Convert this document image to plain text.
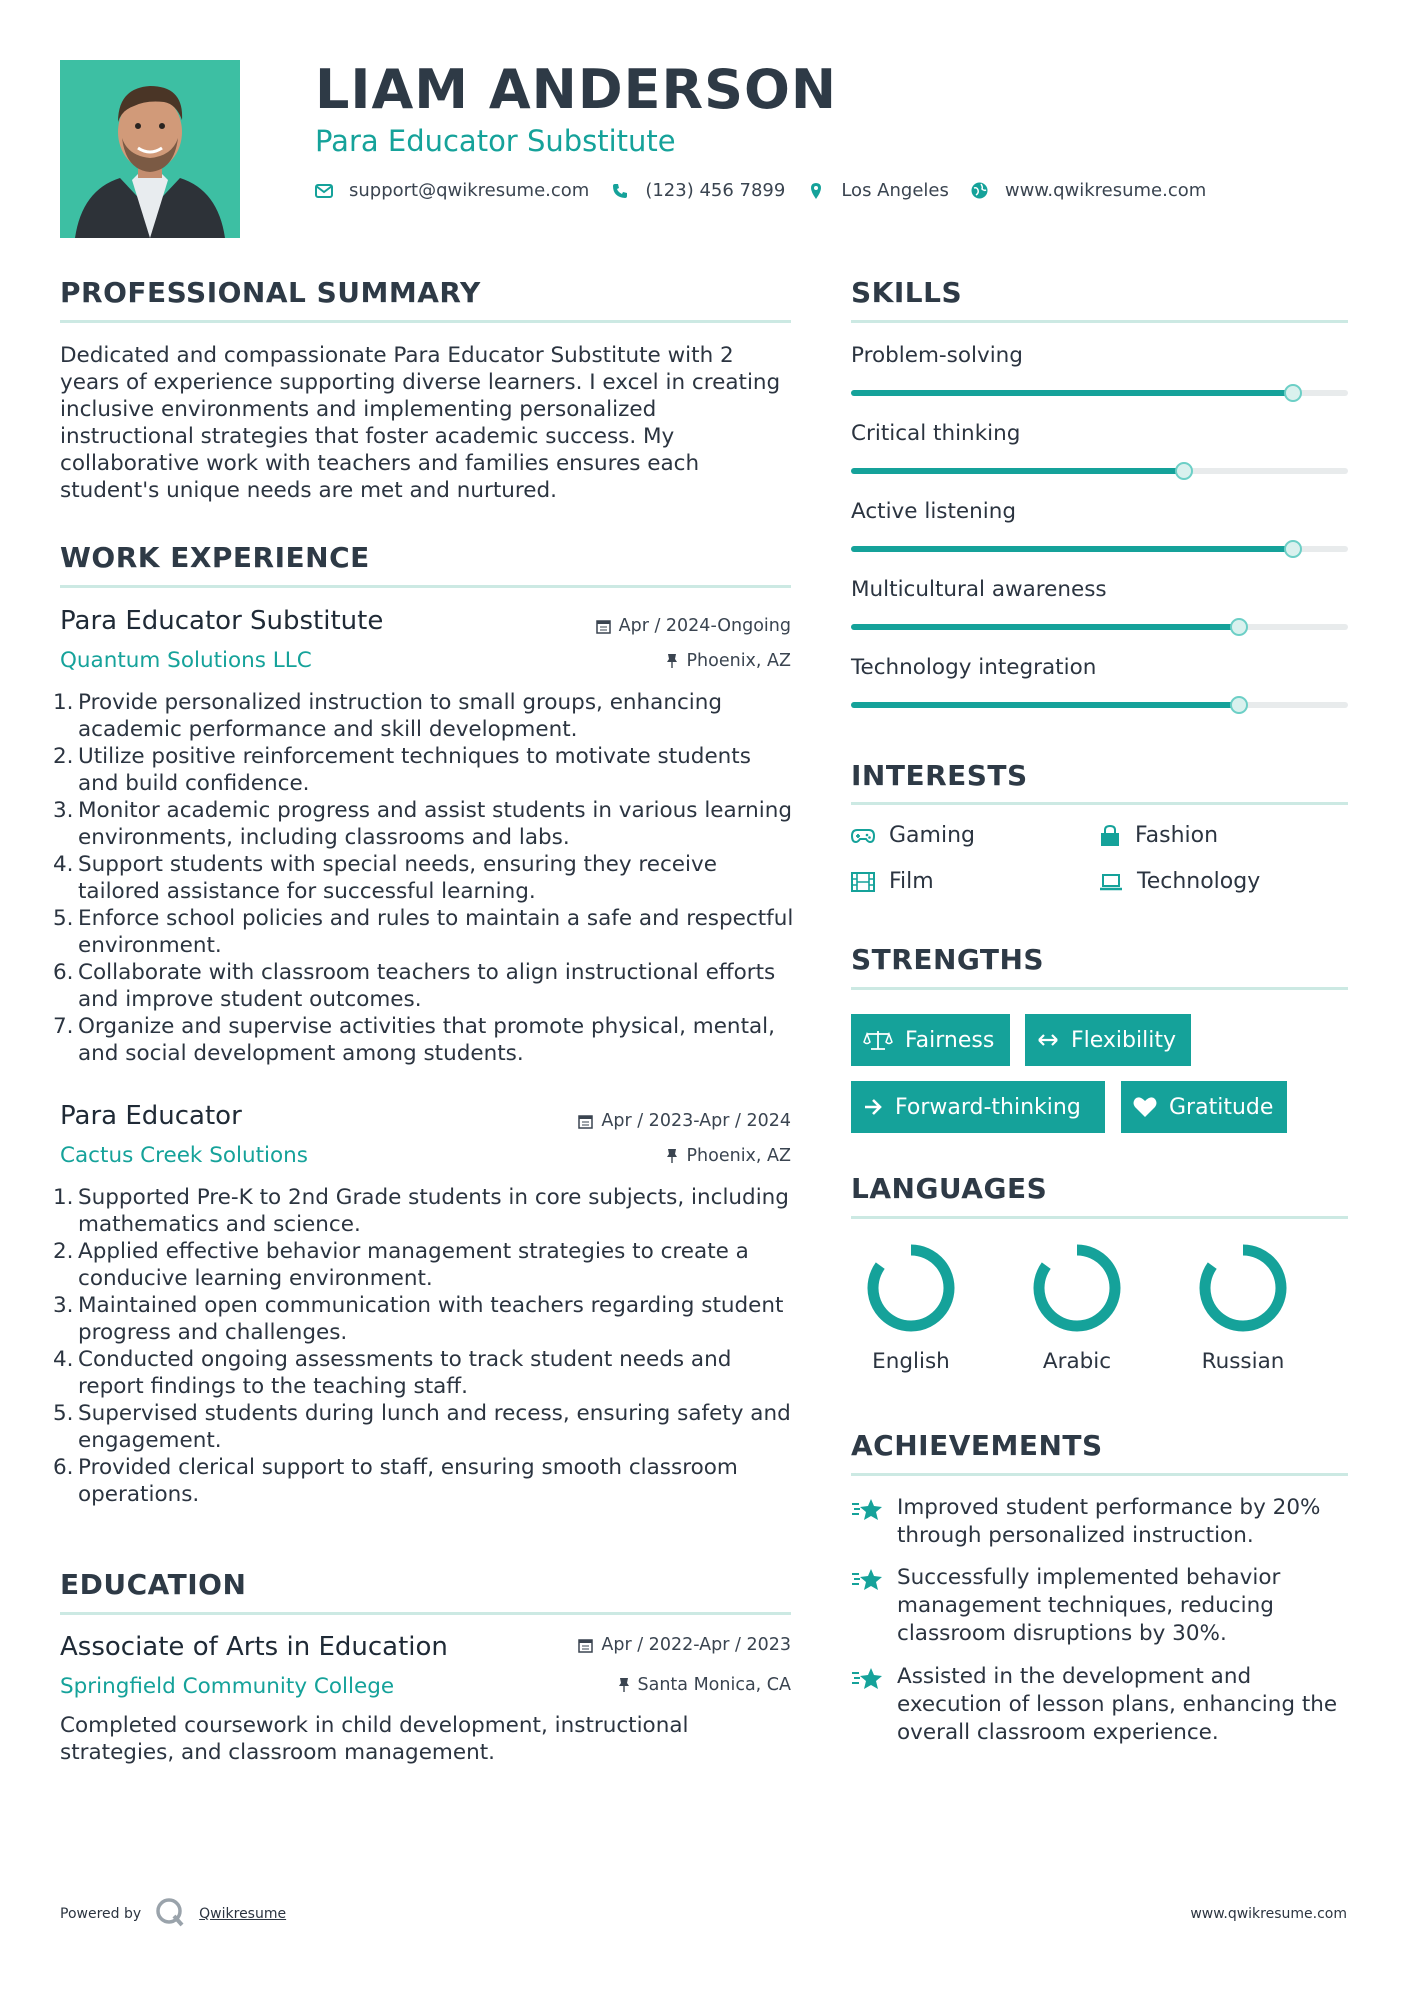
LIAM ANDERSON
Para Educator Substitute
support@qwikresume.com	(123) 456 7899	Los Angeles	www.qwikresume.com
PROFESSIONAL SUMMARY
Dedicated and compassionate Para Educator Substitute with 2 years of experience supporting diverse learners. I excel in creating inclusive environments and implementing personalized instructional strategies that foster academic success. My collaborative work with teachers and families ensures each student's unique needs are met and nurtured.
WORK EXPERIENCE
Para Educator Substitute	Apr / 2024-Ongoing
Quantum Solutions LLC	Phoenix, AZ
1. Provide personalized instruction to small groups, enhancing academic performance and skill development.
2. Utilize positive reinforcement techniques to motivate students and build confidence.
3. Monitor academic progress and assist students in various learning environments, including classrooms and labs.
4. Support students with special needs, ensuring they receive tailored assistance for successful learning.
5. Enforce school policies and rules to maintain a safe and respectful environment.
6. Collaborate with classroom teachers to align instructional efforts and improve student outcomes.
7. Organize and supervise activities that promote physical, mental, and social development among students.
Para Educator	Apr / 2023-Apr / 2024
Cactus Creek Solutions	Phoenix, AZ
1. Supported Pre-K to 2nd Grade students in core subjects, including mathematics and science.
2. Applied effective behavior management strategies to create a conducive learning environment.
3. Maintained open communication with teachers regarding student progress and challenges.
4. Conducted ongoing assessments to track student needs and report findings to the teaching staff.
5. Supervised students during lunch and recess, ensuring safety and engagement.
6. Provided clerical support to staff, ensuring smooth classroom operations.
EDUCATION
Associate of Arts in Education	Apr / 2022-Apr / 2023
Springfield Community College	Santa Monica, CA
Completed coursework in child development, instructional strategies, and classroom management.
SKILLS
Problem-solving
Critical thinking
Active listening
Multicultural awareness
Technology integration
INTERESTS
Gaming	Fashion
Film	Technology
STRENGTHS
Fairness	Flexibility
Forward-thinking	Gratitude
LANGUAGES
English	Arabic	Russian
ACHIEVEMENTS
Improved student performance by 20% through personalized instruction.
Successfully implemented behavior management techniques, reducing classroom disruptions by 30%.
Assisted in the development and execution of lesson plans, enhancing the overall classroom experience.
Powered by	Qwikresume	www.qwikresume.com
